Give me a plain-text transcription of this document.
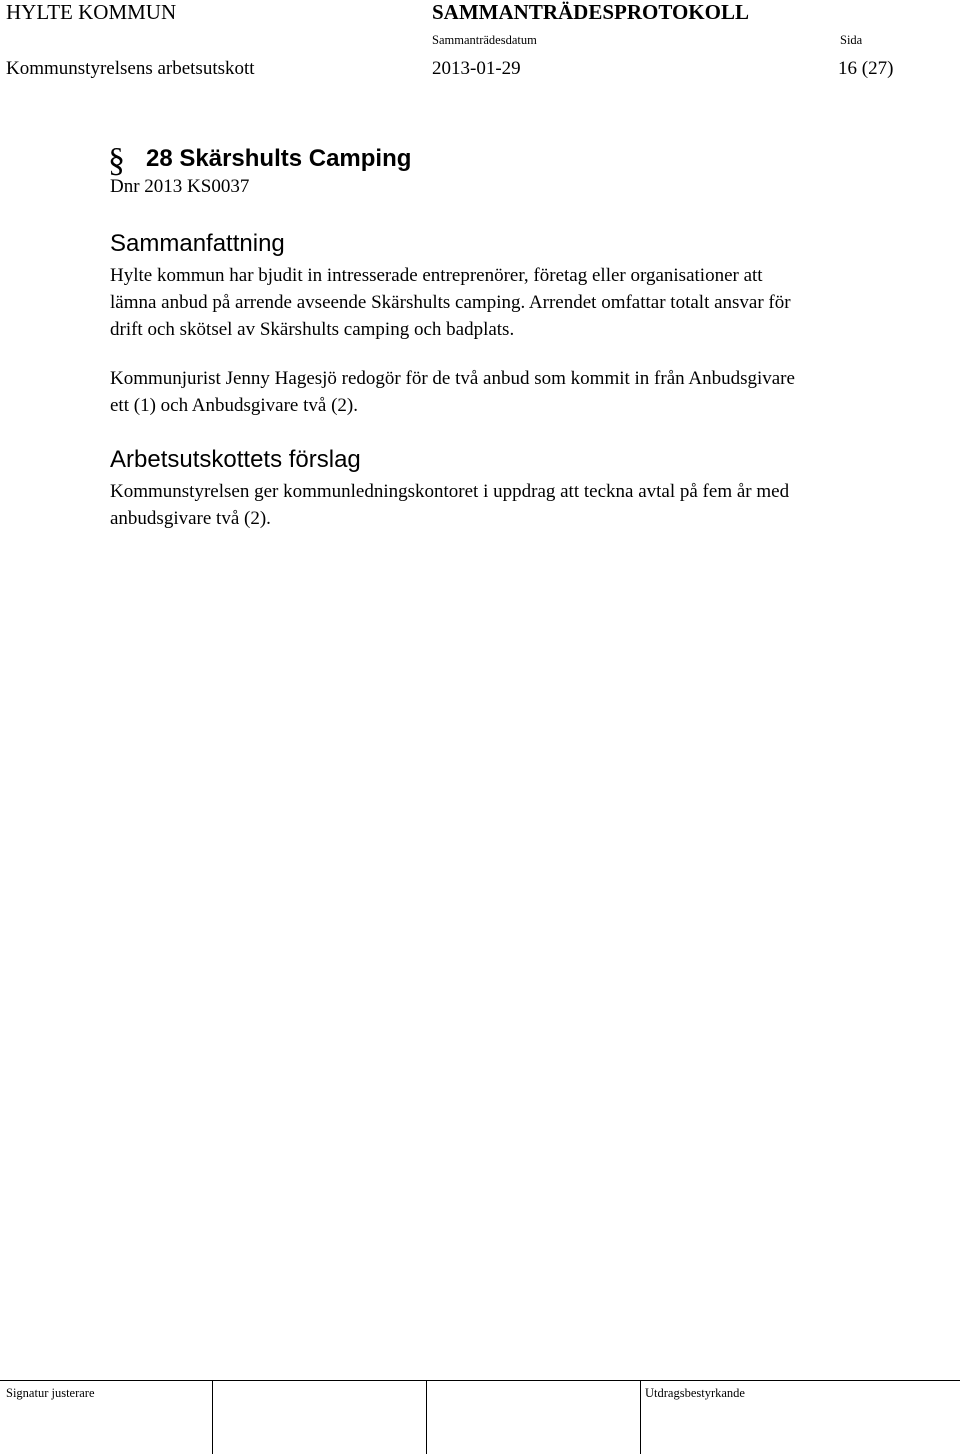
HYLTE KOMMUN	SAMMANTRÄDESPROTOKOLL
Sammanträdesdatum	Sida
Kommunstyrelsens arbetsutskott	2013-01-29	16 (27)
§ 28 Skärshults Camping
Dnr 2013 KS0037
Sammanfattning
Hylte kommun har bjudit in intresserade entreprenörer, företag eller organisationer att
lämna anbud på arrende avseende Skärshults camping. Arrendet omfattar totalt ansvar för
drift och skötsel av Skärshults camping och badplats.
Kommunjurist Jenny Hagesjö redogör för de två anbud som kommit in från Anbudsgivare
ett (1) och Anbudsgivare två (2).
Arbetsutskottets förslag
Kommunstyrelsen ger kommunledningskontoret i uppdrag att teckna avtal på fem år med
anbudsgivare två (2).
Signatur justerare	Utdragsbestyrkande
